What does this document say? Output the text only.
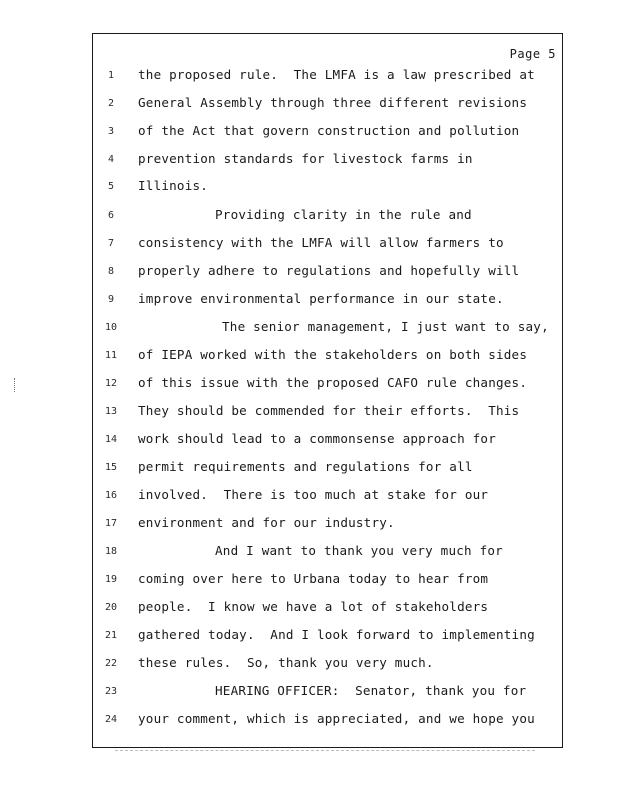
Page 5
1	the proposed rule.  The LMFA is a law prescribed at
2	General Assembly through three different revisions
3	of the Act that govern construction and pollution
4	prevention standards for livestock farms in
5	Illinois.
6	Providing clarity in the rule and
7	consistency with the LMFA will allow farmers to
8	properly adhere to regulations and hopefully will
9	improve environmental performance in our state.
10	The senior management, I just want to say,
11	of IEPA worked with the stakeholders on both sides
12	of this issue with the proposed CAFO rule changes.
13	They should be commended for their efforts.  This
14	work should lead to a commonsense approach for
15	permit requirements and regulations for all
16	involved.  There is too much at stake for our
17	environment and for our industry.
18	And I want to thank you very much for
19	coming over here to Urbana today to hear from
20	people.  I know we have a lot of stakeholders
21	gathered today.  And I look forward to implementing
22	these rules.  So, thank you very much.
23	HEARING OFFICER:  Senator, thank you for
24	your comment, which is appreciated, and we hope you
